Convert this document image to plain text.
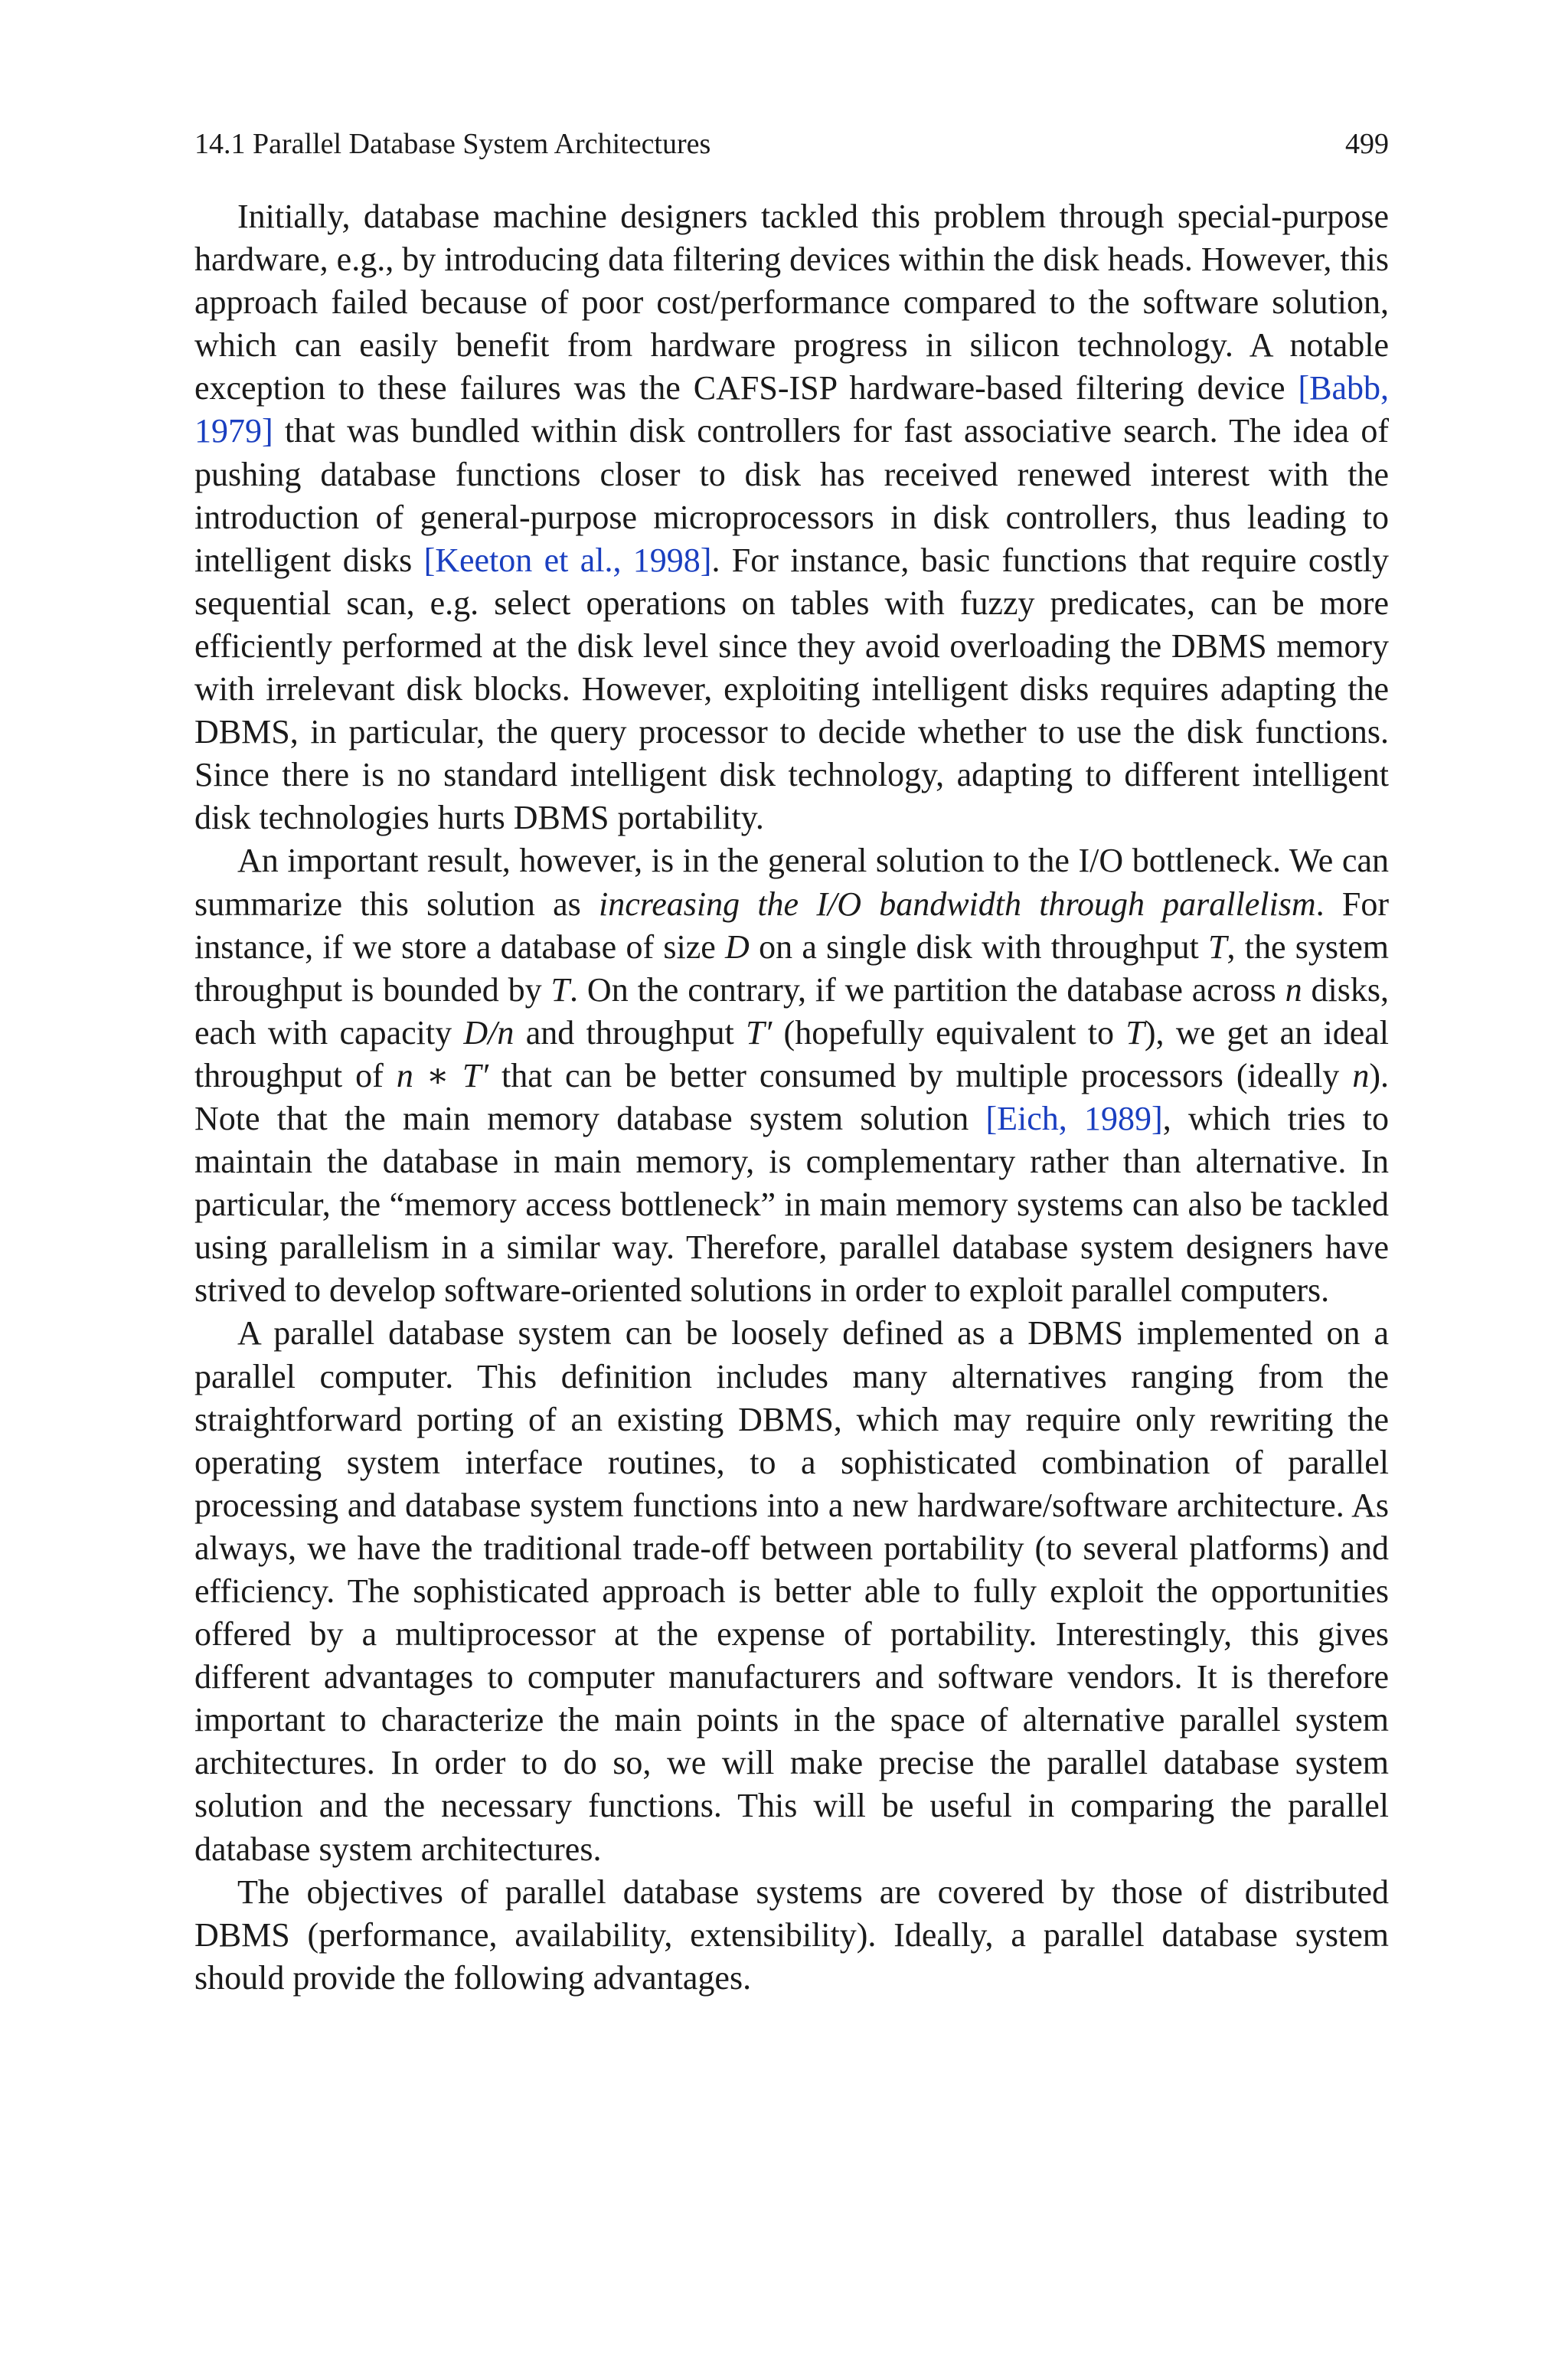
14.1 Parallel Database System Architectures	499

Initially, database machine designers tackled this problem through special-purpose hardware, e.g., by introducing data filtering devices within the disk heads. However, this approach failed because of poor cost/performance compared to the software solution, which can easily benefit from hardware progress in silicon technology. A notable exception to these failures was the CAFS-ISP hardware-based filtering device [Babb, 1979] that was bundled within disk controllers for fast associative search. The idea of pushing database functions closer to disk has received renewed interest with the introduction of general-purpose microprocessors in disk controllers, thus leading to intelligent disks [Keeton et al., 1998]. For instance, basic functions that require costly sequential scan, e.g. select operations on tables with fuzzy predicates, can be more efficiently performed at the disk level since they avoid overloading the DBMS memory with irrelevant disk blocks. However, exploiting intelligent disks requires adapting the DBMS, in particular, the query processor to decide whether to use the disk functions. Since there is no standard intelligent disk technology, adapting to different intelligent disk technologies hurts DBMS portability.

An important result, however, is in the general solution to the I/O bottleneck. We can summarize this solution as increasing the I/O bandwidth through parallelism. For instance, if we store a database of size D on a single disk with throughput T, the system throughput is bounded by T. On the contrary, if we partition the database across n disks, each with capacity D/n and throughput T′ (hopefully equivalent to T), we get an ideal throughput of n ∗ T′ that can be better consumed by multiple processors (ideally n). Note that the main memory database system solution [Eich, 1989], which tries to maintain the database in main memory, is complementary rather than alternative. In particular, the “memory access bottleneck” in main memory systems can also be tackled using parallelism in a similar way. Therefore, parallel database system designers have strived to develop software-oriented solutions in order to exploit parallel computers.

A parallel database system can be loosely defined as a DBMS implemented on a parallel computer. This definition includes many alternatives ranging from the straightforward porting of an existing DBMS, which may require only rewriting the operating system interface routines, to a sophisticated combination of parallel processing and database system functions into a new hardware/software architecture. As always, we have the traditional trade-off between portability (to several platforms) and efficiency. The sophisticated approach is better able to fully exploit the opportunities offered by a multiprocessor at the expense of portability. Interestingly, this gives different advantages to computer manufacturers and software vendors. It is therefore important to characterize the main points in the space of alternative parallel system architectures. In order to do so, we will make precise the parallel database system solution and the necessary functions. This will be useful in comparing the parallel database system architectures.

The objectives of parallel database systems are covered by those of distributed DBMS (performance, availability, extensibility). Ideally, a parallel database system should provide the following advantages.
